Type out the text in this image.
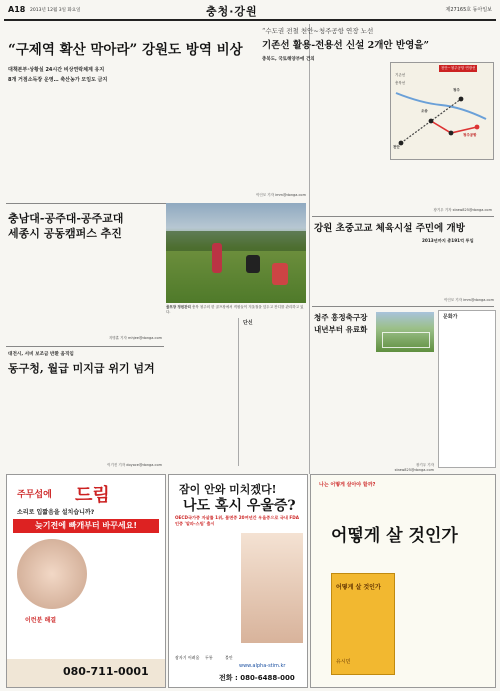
A18 2013년 12월 3일 화요일	충청·강원	제27165호 동아일보
“구제역 확산 막아라” 강원도 방역 비상
대책본부·상황실 24시간 비상연락체계 유지
8개 거점소독장 운영… 축산농가 모임도 금지
이인모 기자 imm@donga.com
충남대-공주대-공주교대
세종시 공동캠퍼스 추진
지명훈 기자 mhjee@donga.com
대전시, 서비 보조금 반환 움직임
동구청, 월급 미지급 위기 넘겨
이기진 기자 doyoce@donga.com
골프장 정원관리 충북 청주의 한 골프장에서 직원들이 겨울철을 앞두고 잔디를 관리하고 있다.
단신
“수도권 전철 천안~청주공항 연장 노선
기존선 활용-전용선 신설 2개안 반영을”
충북도, 국토해양부에 건의
천안
청주
오송
청주공항
천안~청주공항 연장선
기존선
충북선
장기우 기자 straw825@donga.com
강원 초중고교 체육시설 주민에 개방
2013년까지 총191억 투입
이인모 기자 imm@donga.com
청주 흥정축구장
내년부터 유료화
장기우 기자 straw825@donga.com
문화가
주무섭에 드림
소리로 입짧음을 설치습니까?
늦기전에 빠개부터 바꾸세요!
이런분 해결
080-711-0001
잠이 안와 미치겠다!
나도 혹시 우울증?
OECD국가중 자살률 1위, 불면증 20여년간 우울증으로 국내 FDA인증 '알파-스팀' 출시
잠자기 어려움 두통	불안
www.alpha-stim.kr
전화 : 080-6488-000
나는 어떻게 살아야 할까?
어떻게 살 것인가
어떻게 살 것인가
유시민
